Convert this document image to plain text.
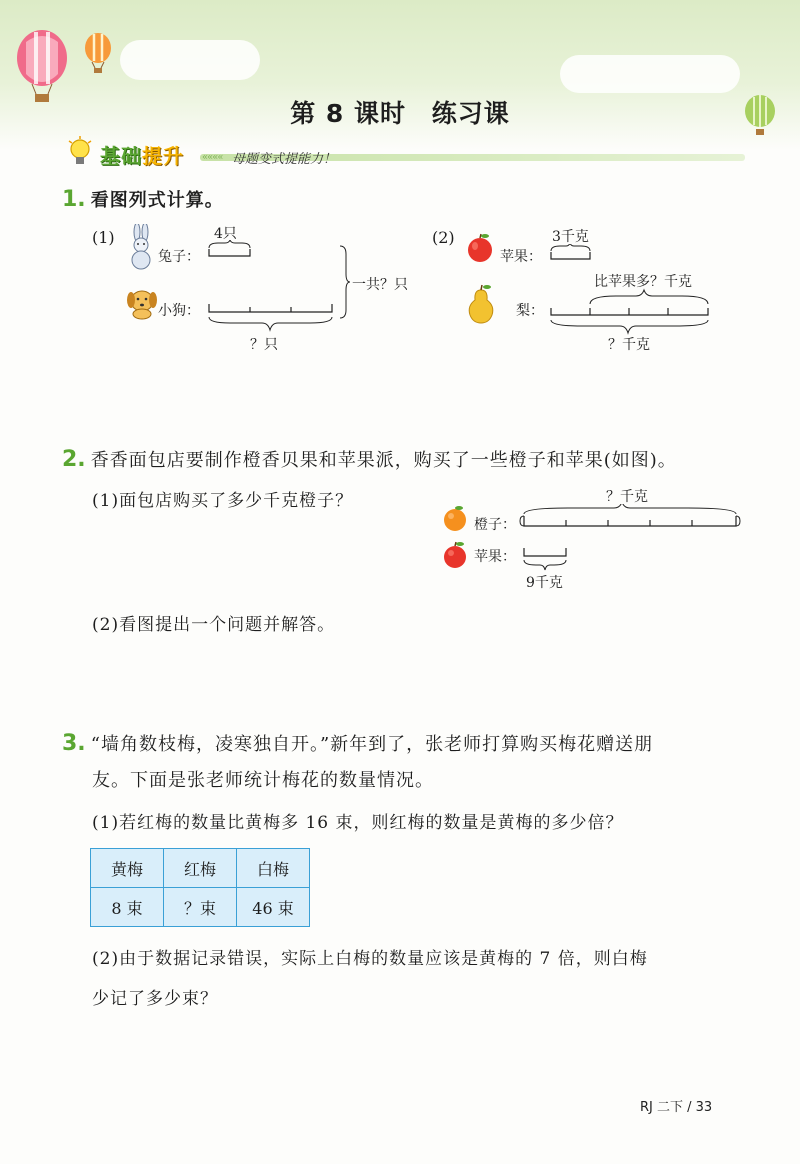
第 8 课时 练习课
基础提升 «««« 母题变式提能力！
1. 看图列式计算。
(1)
兔子：
4只
小狗：
一共？只
？只
(2)
苹果：
3千克
梨：
比苹果多？千克
？千克
2. 香香面包店要制作橙香贝果和苹果派，购买了一些橙子和苹果(如图)。
(1)面包店购买了多少千克橙子？
橙子：
？千克
苹果：
9千克
(2)看图提出一个问题并解答。
3. “墙角数枝梅，凌寒独自开。”新年到了，张老师打算购买梅花赠送朋
友。下面是张老师统计梅花的数量情况。
(1)若红梅的数量比黄梅多 16 束，则红梅的数量是黄梅的多少倍？
黄梅	红梅	白梅
8 束	？束	46 束
(2)由于数据记录错误，实际上白梅的数量应该是黄梅的 7 倍，则白梅
少记了多少束？
RJ 二下 / 33
